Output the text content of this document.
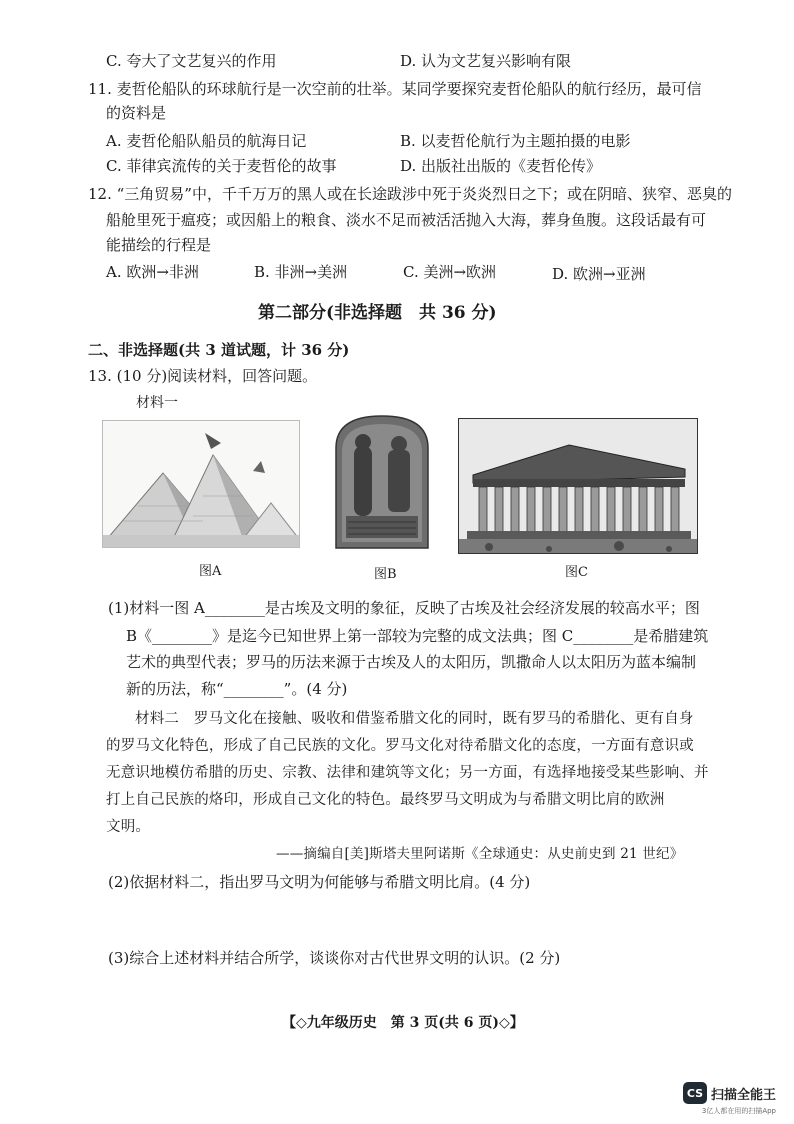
C. 夸大了文艺复兴的作用	D. 认为文艺复兴影响有限
11. 麦哲伦船队的环球航行是一次空前的壮举。某同学要探究麦哲伦船队的航行经历，最可信
的资料是
A. 麦哲伦船队船员的航海日记	B. 以麦哲伦航行为主题拍摄的电影
C. 菲律宾流传的关于麦哲伦的故事	D. 出版社出版的《麦哲伦传》
12. “三角贸易”中，千千万万的黑人或在长途跋涉中死于炎炎烈日之下；或在阴暗、狭窄、恶臭的
船舱里死于瘟疫；或因船上的粮食、淡水不足而被活活抛入大海，葬身鱼腹。这段话最有可
能描绘的行程是
A. 欧洲→非洲	B. 非洲→美洲	C. 美洲→欧洲	D. 欧洲→亚洲
第二部分(非选择题　共 36 分)
二、非选择题(共 3 道试题，计 36 分)
13. (10 分)阅读材料，回答问题。
材料一
图A	图B	图C
(1)材料一图 A________是古埃及文明的象征，反映了古埃及社会经济发展的较高水平；图
B《________》是迄今已知世界上第一部较为完整的成文法典；图 C________是希腊建筑
艺术的典型代表；罗马的历法来源于古埃及人的太阳历，凯撒命人以太阳历为蓝本编制
新的历法，称“________”。(4 分)
材料二　罗马文化在接触、吸收和借鉴希腊文化的同时，既有罗马的希腊化、更有自身
的罗马文化特色，形成了自己民族的文化。罗马文化对待希腊文化的态度，一方面有意识或
无意识地模仿希腊的历史、宗教、法律和建筑等文化；另一方面，有选择地接受某些影响、并
打上自己民族的烙印，形成自己文化的特色。最终罗马文明成为与希腊文明比肩的欧洲
文明。
——摘编自[美]斯塔夫里阿诺斯《全球通史：从史前史到 21 世纪》
(2)依据材料二，指出罗马文明为何能够与希腊文明比肩。(4 分)
(3)综合上述材料并结合所学，谈谈你对古代世界文明的认识。(2 分)
【◇九年级历史　第 3 页(共 6 页)◇】
CS 扫描全能王
3亿人都在用的扫描App
